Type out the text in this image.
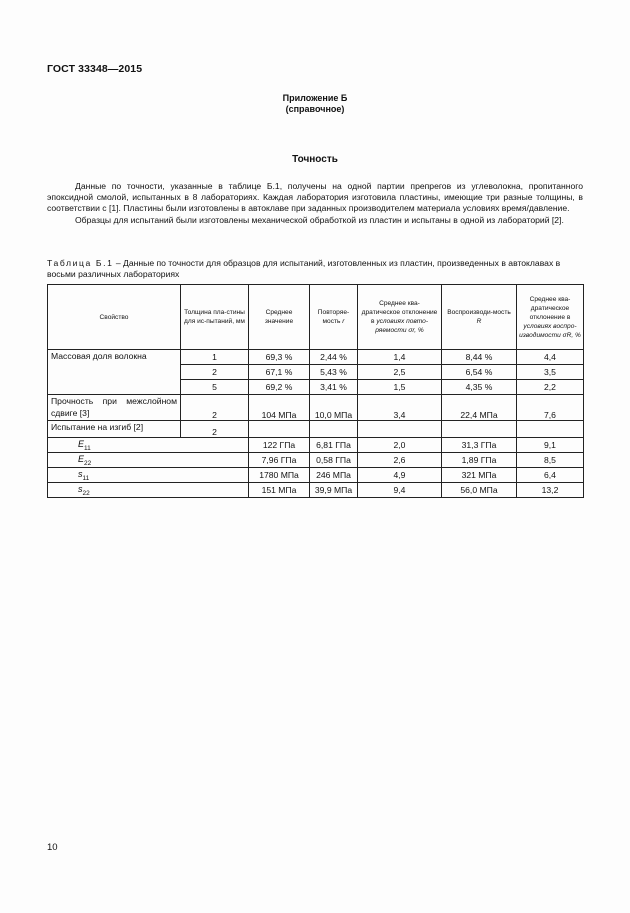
ГОСТ 33348—2015
Приложение Б
(справочное)
Точность

Данные по точности, указанные в таблице Б.1, получены на одной партии препрегов из углеволокна, пропитанного эпоксидной смолой, испытанных в 8 лабораториях. Каждая лаборатория изготовила пластины, имеющие три разные толщины, в соответствии с [1]. Пластины были изготовлены в автоклаве при заданных производителем материала условиях время/давление.

Образцы для испытаний были изготовлены механической обработкой из пластин и испытаны в одной из лабораторий [2].

Таблица Б.1 – Данные по точности для образцов для испытаний, изготовленных из пластин, произведенных в автоклавах в восьми различных лабораториях
Свойство	Толщина пла-стины для ис-пытаний, мм	Среднее значение	Повторяе-мость r	Среднее ква-дратическое отклонение в условиях повто-ряемости σr, %	Воспроизводи-мость R	Среднее ква-дратическое отклонение в условиях воспро-изводимости σR, %
Массовая доля волокна	1	69,3 %	2,44 %	1,4	8,44 %	4,4
	2	67,1 %	5,43 %	2,5	6,54 %	3,5
	5	69,2 %	3,41 %	1,5	4,35 %	2,2
Прочность при межслойном сдвиге [3]	2	104 МПа	10,0 МПа	3,4	22,4 МПа	7,6
Испытание на изгиб [2]	2					
$E_{11}$		122 ГПа	6,81 ГПа	2,0	31,3 ГПа	9,1
$E_{22}$		7,96 ГПа	0,58 ГПа	2,6	1,89 ГПа	8,5
$s_{11}$		1780 МПа	246 МПа	4,9	321 МПа	6,4
$s_{22}$		151 МПа	39,9 МПа	9,4	56,0 МПа	13,2
10
